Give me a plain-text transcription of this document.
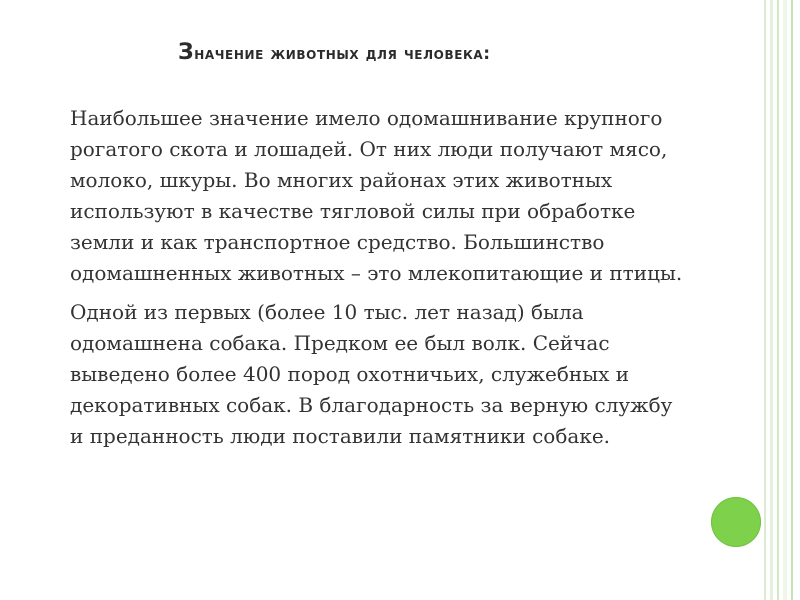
Значение животных для человека:
Наибольшее значение имело одомашнивание крупного рогатого скота и лошадей. От них люди получают мясо, молоко, шкуры. Во многих районах этих животных используют в качестве тягловой силы при обработке земли и как транспортное средство. Большинство одомашненных животных – это млекопитающие и птицы.
Одной из первых (более 10 тыс. лет назад) была одомашнена собака. Предком ее был волк. Сейчас выведено более 400 пород охотничьих, служебных и декоративных собак. В благодарность за верную службу и преданность люди поставили памятники собаке.
